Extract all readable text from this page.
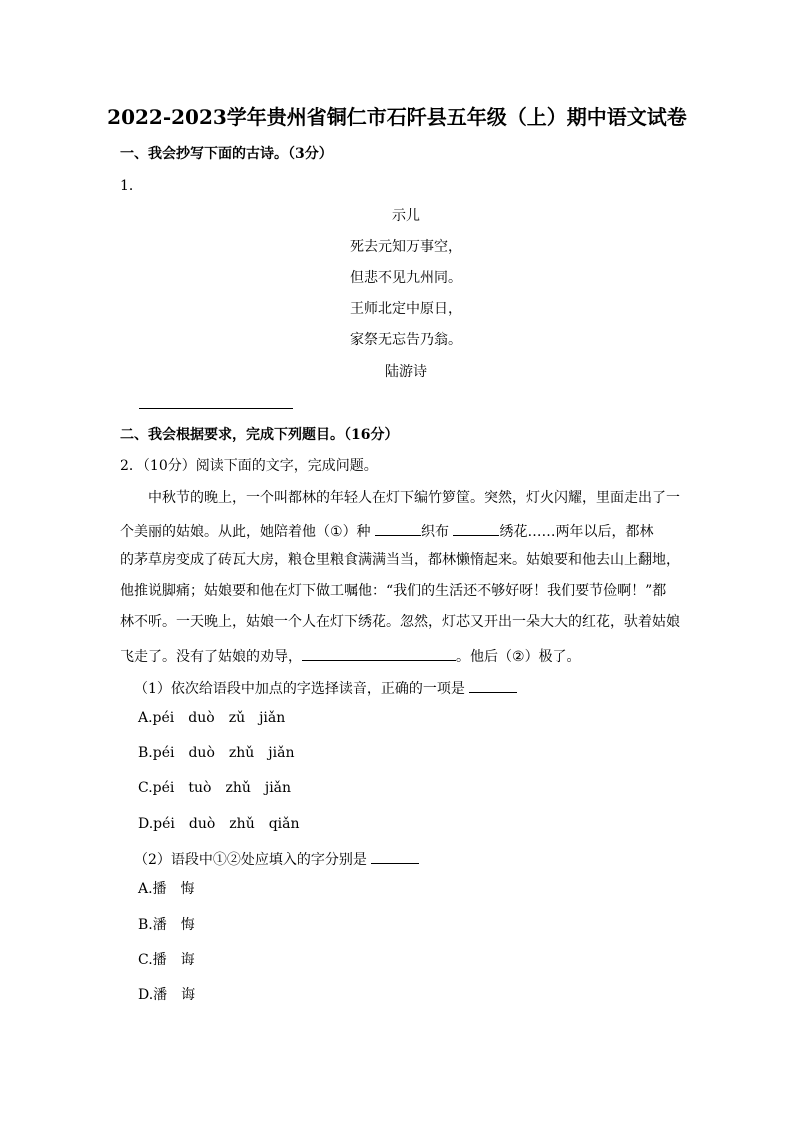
2022-2023学年贵州省铜仁市石阡县五年级（上）期中语文试卷
一、我会抄写下面的古诗。（3分）
1．
示儿
死去元知万事空，
但悲不见九州同。
王师北定中原日，
家祭无忘告乃翁。
陆游诗
二、我会根据要求，完成下列题目。（16分）
2．（10分）阅读下面的文字，完成问题。
中秋节的晚上，一个叫都林的年轻人在灯下编竹箩筐。突然，灯火闪耀，里面走出了一
个美丽的姑娘。从此，她陪着他（①）种	织布	绣花……两年以后，都林
的茅草房变成了砖瓦大房，粮仓里粮食满满当当，都林懒惰起来。姑娘要和他去山上翻地，
他推说脚痛；姑娘要和他在灯下做工嘱他：“我们的生活还不够好呀！我们要节俭啊！”都
林不听。一天晚上，姑娘一个人在灯下绣花。忽然，灯芯又开出一朵大大的红花，驮着姑娘
飞走了。没有了姑娘的劝导，	。他后（②）极了。
（1）依次给语段中加点的字选择读音，正确的一项是
A.péi　duò　zǔ　jiǎn
B.péi　duò　zhǔ　jiǎn
C.péi　tuò　zhǔ　jiǎn
D.péi　duò　zhǔ　qiǎn
（2）语段中①②处应填入的字分别是
A.播　悔
B.潘　悔
C.播　诲
D.潘　诲
